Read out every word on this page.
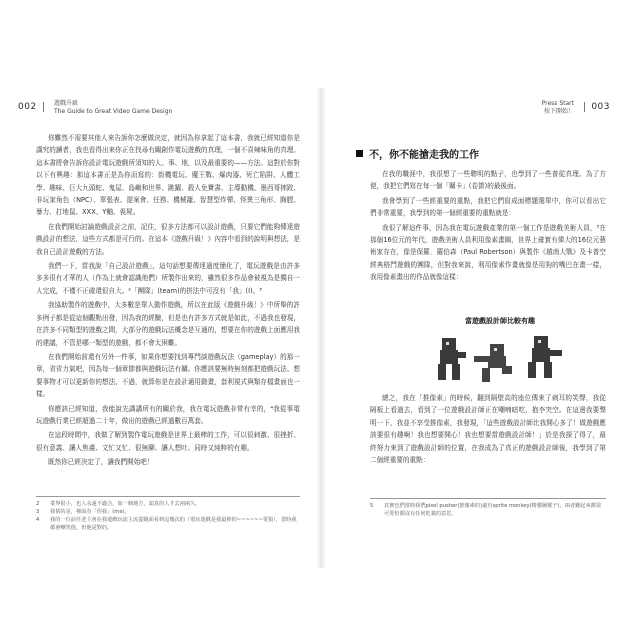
002	遊戲升級
The Guide to Great Video Game Design

你難然不需要其他人來告訴你怎麼做決定，就因為你拿起了這本書，我就已經知道你是講究的讀者，我也看得出來你正在找尋有關創作電玩遊戲的真理，一個不喜辣味角的真理。這本書將會告訴你設計電玩遊戲所須知的人、事、地，以及最重要的——方法。這對於你對以下有興趣：那這本書正是為你而寫的：街機電玩、魔王戰、爆肉器、死亡陷阱、人體工學、趣味、巨大九頭蛇、鬼屋、島嶼和世界、跳躍、殺人免寶書、主導動機、墨西哥摔跤、非玩家角色（NPC）、單張表、提案會、任務、機械籠、智慧型炸彈、怪異三角形、胸膛、暴力、打地鼠、XXX、Y軸、喪屍。

在我們開始討論遊戲設計之前，記住，很多方法都可以設計遊戲，只要它們能夠傳達遊戲設計的想法，這些方式都是可行的。在這本《遊戲升級！》內容中看到的說明與想法，是我自己設計遊戲的方法。

我們一下，當我說「自己設計遊戲」，這句話想要傳達過度簡化了，電玩遊戲是由許多多多很有才華的人（作為上就會認識他們）所製作出來的，雖然很多作品會被視為是獨自一人完成，不僅不正確還很自大。²「團隊」(team)的拼法中可沒有「我」(I)。³

我協助製作的遊戲中，大多數是單人動作遊戲，所以在此版《遊戲升級！》中所舉的許多例子都是從這個觀點出發，因為我的經驗，但是也有許多方式就是如此，不過我也發現，在許多不同類型的遊戲之間，大部分的遊戲玩法概念是互通的，想要在你的遊戲上面應用我的建議，不管是哪一類型的遊戲，都不會太困難。

在我們開始前還有另外一件事，如果你想要找到專門談遊戲玩法（gameplay）的那一章，省省力氣吧，因為每一個章節都與遊戲玩法有關。你應該要無時無刻都把遊戲玩法、想要事物才可以更新你的想法，不過，就算你是在設計通用動畫，套利視式與類存檔畫面也一樣。

你應該已經知道，我能說先講講所有的關於我，我在電玩遊戲非常有幸的，⁴我從事電玩遊戲行業已經超過二十年，做出的遊戲已經過數百萬套。

在這段時間中，我做了解到製作電玩遊戲是世界上最棒的工作，可以很刺激、很挫折、很有意義、讓人焦慮、文忙又忙、很無聊、讓人想吐、同時又純粹的有趣。

既然你已經決定了，讓我們開始吧！

2	業界很小，也人永遠不適合，如一個地方，認真的人才去兩兩久。
3	我猜的是，裡面有「你我」(me)。
4	我的一位前任老主會在我遊戲玩流主流從隨面看到這幾次的（電玩遊戲是我最棒的~~~~~~電狼），當時我都會嘲笑他，但他是對的。
Press Start
按下開始！	003
不，你不能搶走我的工作

在我的職涯中，我很想了一些聰明的點子，也學到了一些普從真理。為了方便，我把它們寫在每一個「關卡」(卷節)的最後面。

我會學到了一些經重要的重點，我把它們寫成面標題選單中，你可以看出它們非常重要，我學到的第一個經重要的重點就是：

我很了解這件事，因為我在電玩遊戲產業的第一個工作是遊戲美術人員，⁵在那個16位元的年代，遊戲美術人員利用像素畫圖，世界上確實有偉大的16位元藝術家存在，像是保羅．羅伯森（Paul Robertson）與製作《越南大戰》及卡普空經典格鬥遊戲的團隊，但對我來說，利用像素作畫就像是用狗的嘴巴在畫一樣，我用像素畫出的作品就像這樣：

當遊戲設計師比較有趣

總之，我在「推像素」的時候，翻到隔壁高的座位傳來了刺耳的笑聲，我從隔板上看過去，看到了一位遊戲設計師正在嘲喃暗吃，抱李突空。在這邊我要聲明一下，我並不享受推像素，我發現，「這些遊戲設計師比我開心多了！做遊戲應該要很有趣啊！我也想要開心！我也想要當遊戲設計師！」於是我探了得了，最終努力來到了遊戲設計師的位置，在我成為了真正的遊戲設計師後，我學到了第二個經重要的重點：

5	其實也們當時我們pixel pusher(推像素的)還有sprite monkey(精靈圖猴子)，兩者聽起來都很可愛但都沒有任何貶義的意思。
